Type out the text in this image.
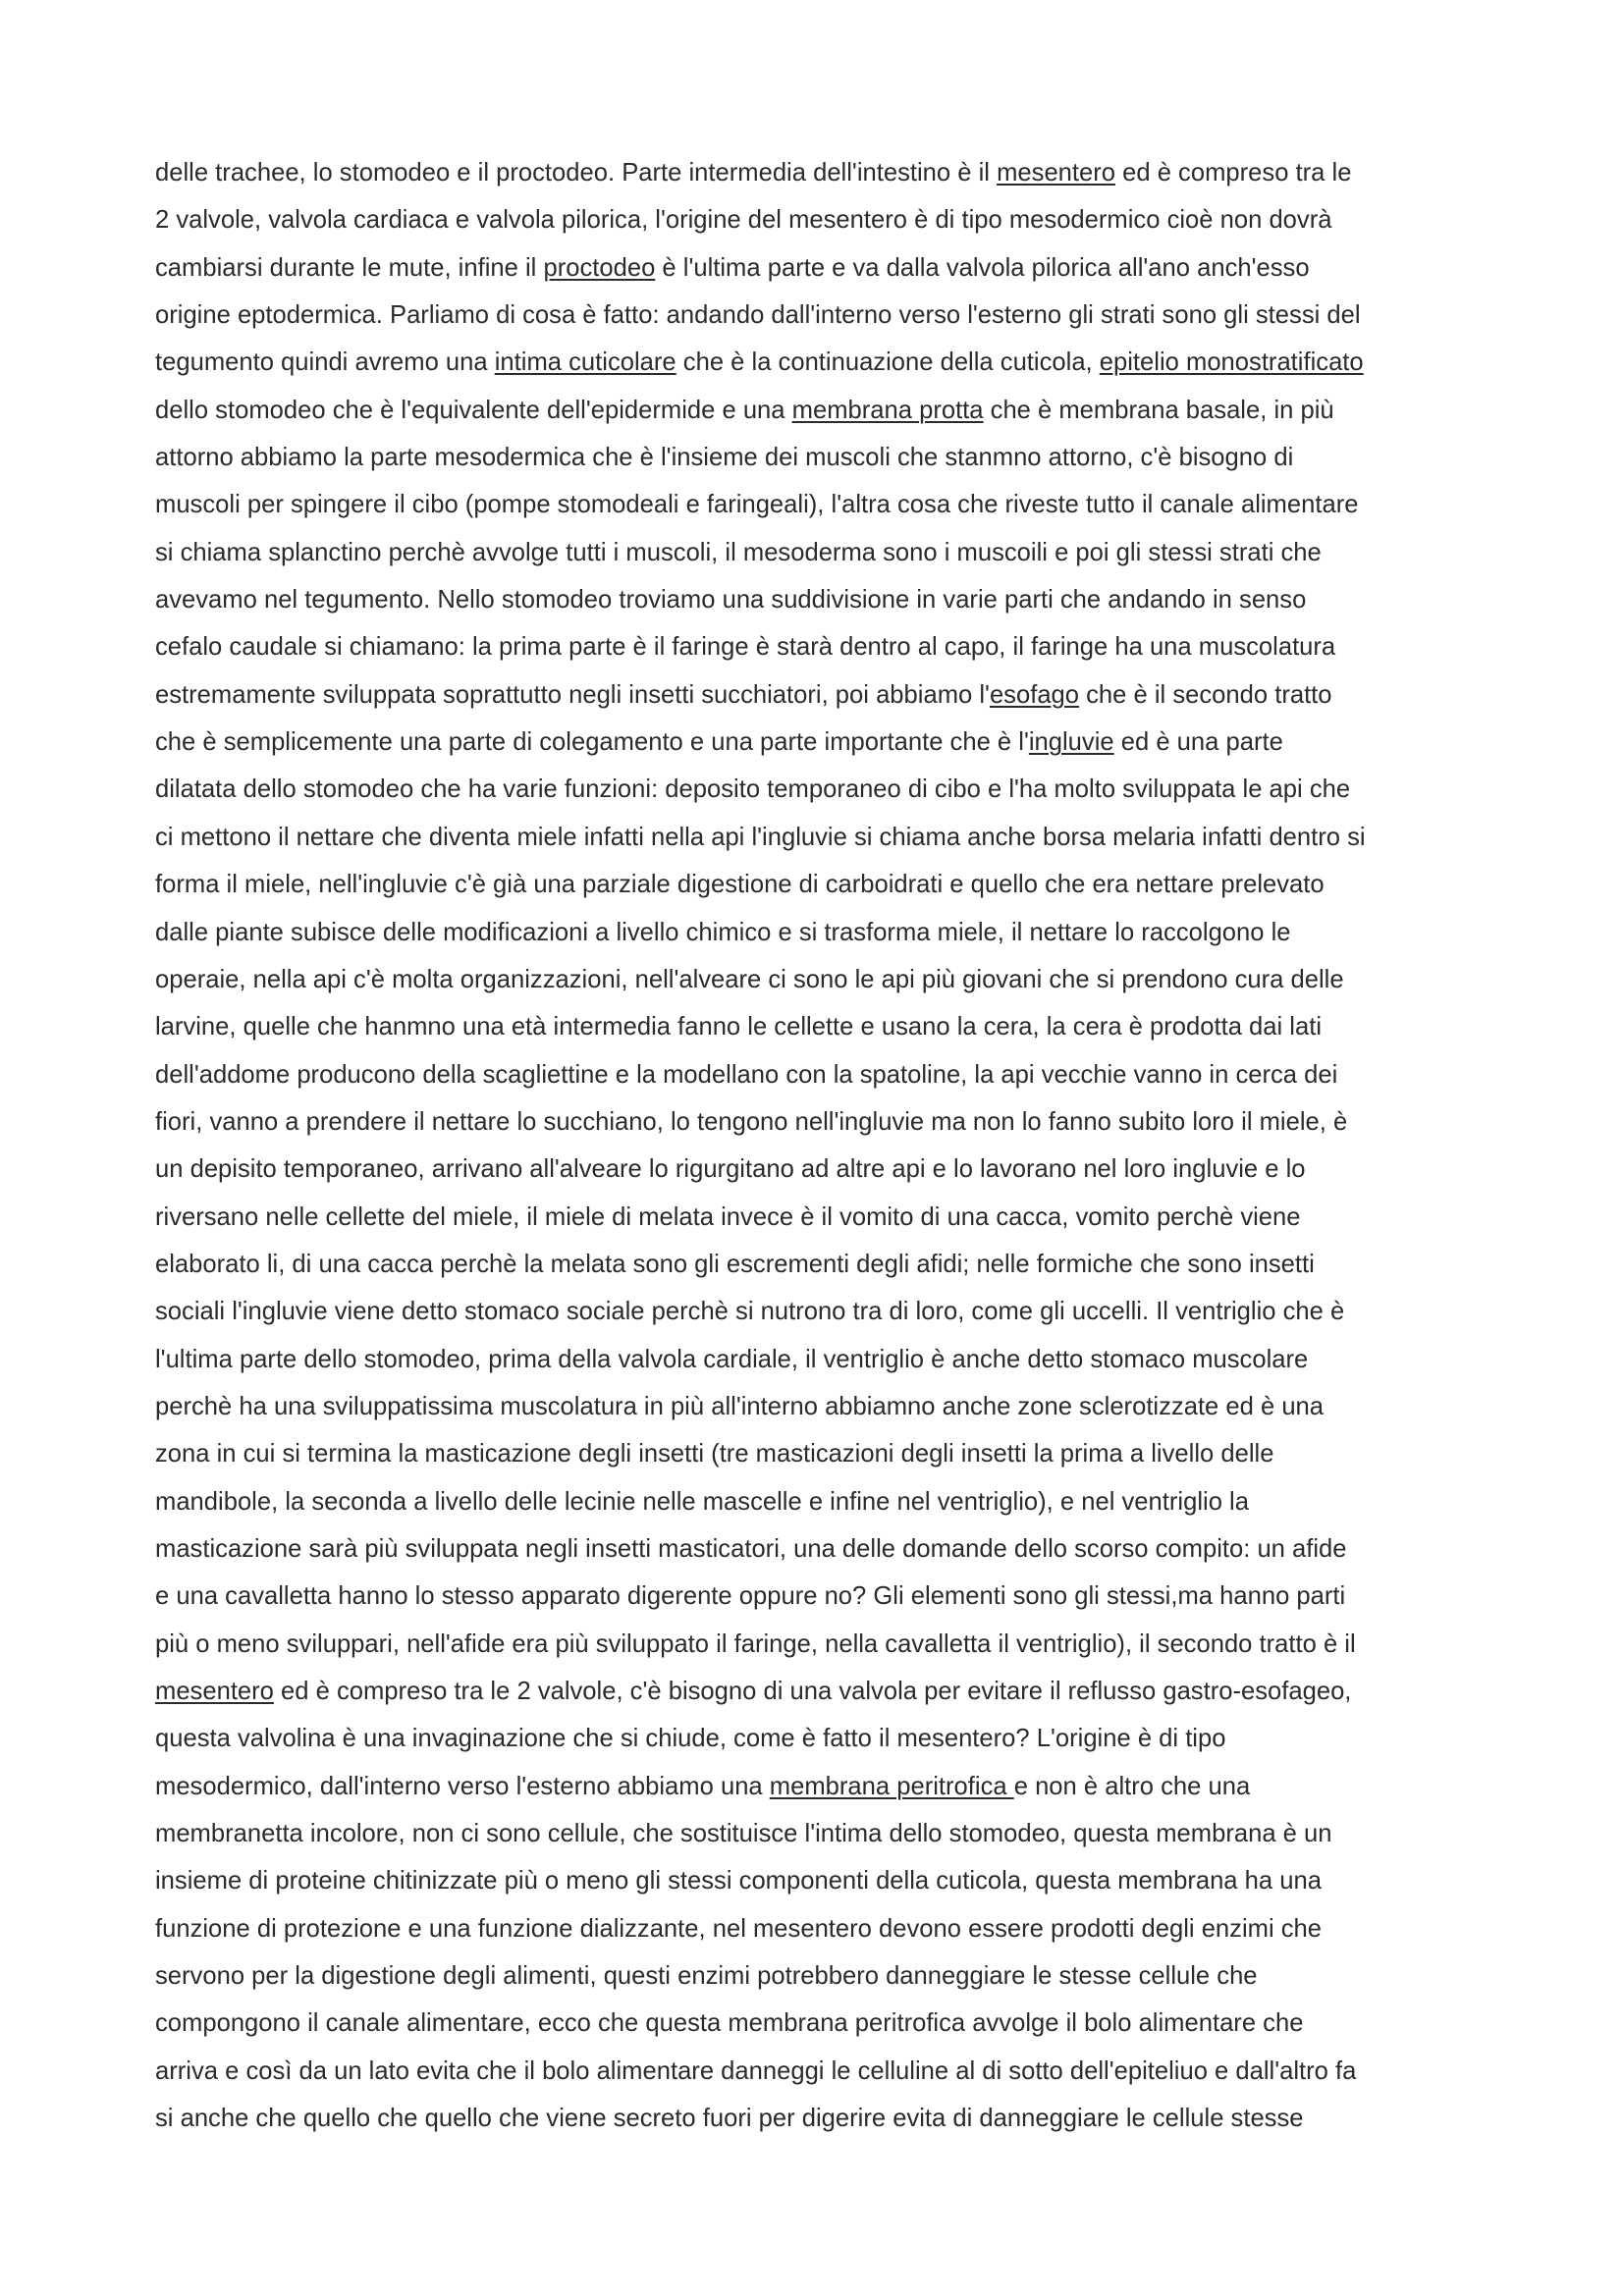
delle trachee, lo stomodeo e il proctodeo. Parte intermedia dell'intestino è il mesentero ed è compreso tra le
2 valvole, valvola cardiaca e valvola pilorica, l'origine del mesentero è di tipo mesodermico cioè non dovrà
cambiarsi durante le mute, infine il proctodeo è l'ultima parte e va dalla valvola pilorica all'ano anch'esso
origine eptodermica. Parliamo di cosa è fatto: andando dall'interno verso l'esterno gli strati sono gli stessi del
tegumento quindi avremo una intima cuticolare che è la continuazione della cuticola, epitelio monostratificato
dello stomodeo che è l'equivalente dell'epidermide e una membrana protta che è membrana basale, in più
attorno abbiamo la parte mesodermica che è l'insieme dei muscoli che stanmno attorno, c'è bisogno di
muscoli per spingere il cibo (pompe stomodeali e faringeali), l'altra cosa che riveste tutto il canale alimentare
si chiama splanctino perchè avvolge tutti i muscoli, il mesoderma sono i muscoili e poi gli stessi strati che
avevamo nel tegumento. Nello stomodeo troviamo una suddivisione in varie parti che andando in senso
cefalo caudale si chiamano: la prima parte è il faringe è starà dentro al capo, il faringe ha una muscolatura
estremamente sviluppata soprattutto negli insetti succhiatori, poi abbiamo l'esofago che è il secondo tratto
che è semplicemente una parte di colegamento e una parte importante che è l'ingluvie ed è una parte
dilatata dello stomodeo che ha varie funzioni: deposito temporaneo di cibo e l'ha molto sviluppata le api che
ci mettono il nettare che diventa miele infatti nella api l'ingluvie si chiama anche borsa melaria infatti dentro si
forma il miele, nell'ingluvie c'è già una parziale digestione di carboidrati e quello che era nettare prelevato
dalle piante subisce delle modificazioni a livello chimico e si trasforma miele, il nettare lo raccolgono le
operaie, nella api c'è molta organizzazioni, nell'alveare ci sono le api più giovani che si prendono cura delle
larvine, quelle che hanmno una età intermedia fanno le cellette e usano la cera, la cera è prodotta dai lati
dell'addome producono della scagliettine e la modellano con la spatoline, la api vecchie vanno in cerca dei
fiori, vanno a prendere il nettare lo succhiano, lo tengono nell'ingluvie ma non lo fanno subito loro il miele, è
un depisito temporaneo, arrivano all'alveare lo rigurgitano ad altre api e lo lavorano nel loro ingluvie e lo
riversano nelle cellette del miele, il miele di melata invece è il vomito di una cacca, vomito perchè viene
elaborato li, di una cacca perchè la melata sono gli escrementi degli afidi; nelle formiche che sono insetti
sociali l'ingluvie viene detto stomaco sociale perchè si nutrono tra di loro, come gli uccelli. Il ventriglio che è
l'ultima parte dello stomodeo, prima della valvola cardiale, il ventriglio è anche detto stomaco muscolare
perchè ha una sviluppatissima muscolatura in più all'interno abbiamno anche zone sclerotizzate ed è una
zona in cui si termina la masticazione degli insetti (tre masticazioni degli insetti la prima a livello delle
mandibole, la seconda a livello delle lecinie nelle mascelle e infine nel ventriglio), e nel ventriglio la
masticazione sarà più sviluppata negli insetti masticatori, una delle domande dello scorso compito: un afide
e una cavalletta hanno lo stesso apparato digerente oppure no? Gli elementi sono gli stessi,ma hanno parti
più o meno sviluppari, nell'afide era più sviluppato il faringe, nella cavalletta il ventriglio), il secondo tratto è il
mesentero ed è compreso tra le 2 valvole, c'è bisogno di una valvola per evitare il reflusso gastro-esofageo,
questa valvolina è una invaginazione che si chiude, come è fatto il mesentero? L'origine è di tipo
mesodermico, dall'interno verso l'esterno abbiamo una membrana peritrofica e non è altro che una
membranetta incolore, non ci sono cellule, che sostituisce l'intima dello stomodeo, questa membrana è un
insieme di proteine chitinizzate più o meno gli stessi componenti della cuticola, questa membrana ha una
funzione di protezione e una funzione dializzante, nel mesentero devono essere prodotti degli enzimi che
servono per la digestione degli alimenti, questi enzimi potrebbero danneggiare le stesse cellule che
compongono il canale alimentare, ecco che questa membrana peritrofica avvolge il bolo alimentare che
arriva e così da un lato evita che il bolo alimentare danneggi le celluline al di sotto dell'epiteliuo e dall'altro fa
si anche che quello che quello che viene secreto fuori per digerire evita di danneggiare le cellule stesse
